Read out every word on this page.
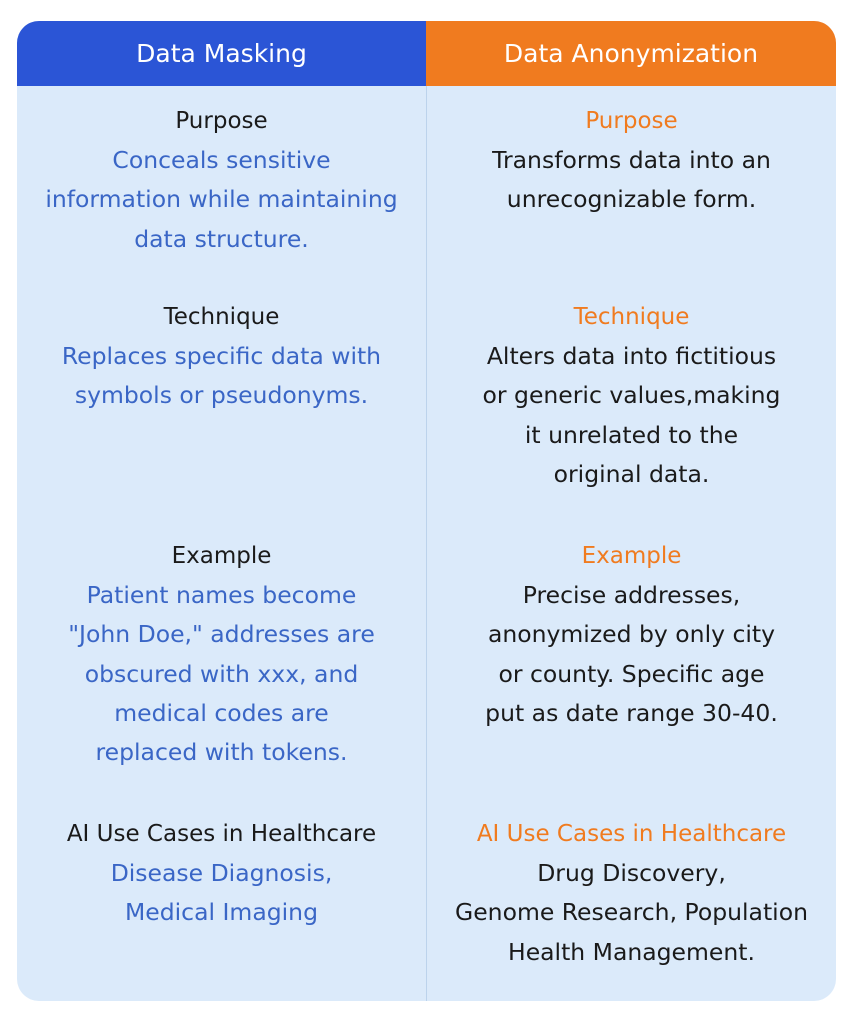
Data Masking	Data Anonymization
Purpose
Conceals sensitive
information while maintaining
data structure.
Technique
Replaces specific data with
symbols or pseudonyms.
Example
Patient names become
"John Doe," addresses are
obscured with xxx, and
medical codes are
replaced with tokens.
AI Use Cases in Healthcare
Disease Diagnosis,
Medical Imaging
Purpose
Transforms data into an
unrecognizable form.
Technique
Alters data into fictitious
or generic values,making
it unrelated to the
original data.
Example
Precise addresses,
anonymized by only city
or county. Specific age
put as date range 30-40.
AI Use Cases in Healthcare
Drug Discovery,
Genome Research, Population
Health Management.
